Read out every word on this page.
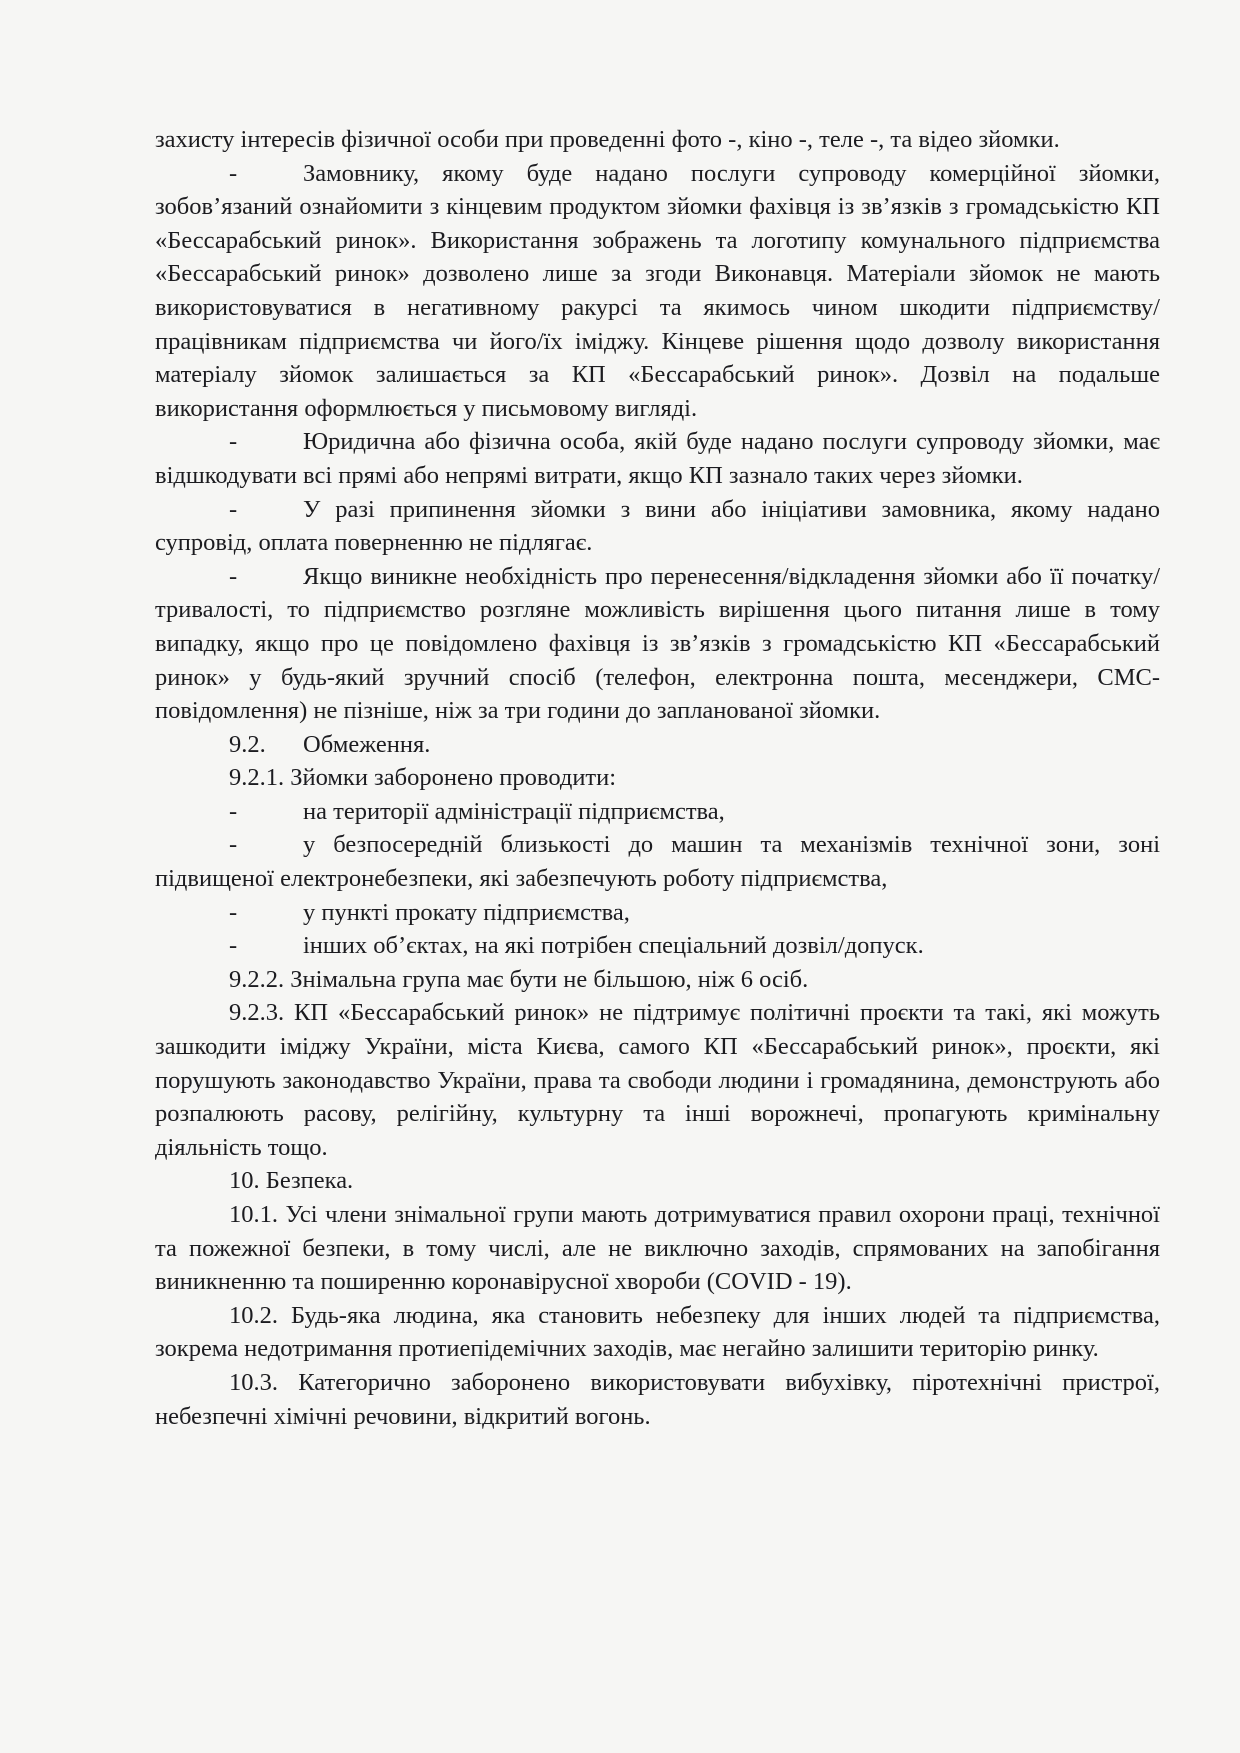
захисту інтересів фізичної особи при проведенні фото -, кіно -, теле -, та відео зйомки.

-	Замовнику, якому буде надано послуги супроводу комерційної зйомки, зобов’язаний ознайомити з кінцевим продуктом зйомки фахівця із зв’язків з громадськістю КП «Бессарабський ринок». Використання зображень та логотипу комунального підприємства «Бессарабський ринок» дозволено лише за згоди Виконавця. Матеріали зйомок не мають використовуватися в негативному ракурсі та якимось чином шкодити підприємству/працівникам підприємства чи його/їх іміджу. Кінцеве рішення щодо дозволу використання матеріалу зйомок залишається за КП «Бессарабський ринок». Дозвіл на подальше використання оформлюється у письмовому вигляді.

-	Юридична або фізична особа, якій буде надано послуги супроводу зйомки, має відшкодувати всі прямі або непрямі витрати, якщо КП зазнало таких через зйомки.

-	У разі припинення зйомки з вини або ініціативи замовника, якому надано супровід, оплата поверненню не підлягає.

-	Якщо виникне необхідність про перенесення/відкладення зйомки або її початку/тривалості, то підприємство розгляне можливість вирішення цього питання лише в тому випадку, якщо про це повідомлено фахівця із зв’язків з громадськістю КП «Бессарабський ринок» у будь-який зручний спосіб (телефон, електронна пошта, месенджери, СМС- повідомлення) не пізніше, ніж за три години до запланованої зйомки.

9.2. Обмеження.

9.2.1. Зйомки заборонено проводити:

-	на території адміністрації підприємства,

-	у безпосередній близькості до машин та механізмів технічної зони, зоні підвищеної електронебезпеки, які забезпечують роботу підприємства,

-	у пункті прокату підприємства,

-	інших об’єктах, на які потрібен спеціальний дозвіл/допуск.

9.2.2. Знімальна група має бути не більшою, ніж 6 осіб.

9.2.3. КП «Бессарабський ринок» не підтримує політичні проєкти та такі, які можуть зашкодити іміджу України, міста Києва, самого КП «Бессарабський ринок», проєкти, які порушують законодавство України, права та свободи людини і громадянина, демонструють або розпалюють расову, релігійну, культурну та інші ворожнечі, пропагують кримінальну діяльність тощо.

10. Безпека.

10.1. Усі члени знімальної групи мають дотримуватися правил охорони праці, технічної та пожежної безпеки, в тому числі, але не виключно заходів, спрямованих на запобігання виникненню та поширенню коронавірусної хвороби (COVID - 19).

10.2. Будь-яка людина, яка становить небезпеку для інших людей та підприємства, зокрема недотримання протиепідемічних заходів, має негайно залишити територію ринку.

10.3. Категорично заборонено використовувати вибухівку, піротехнічні пристрої, небезпечні хімічні речовини, відкритий вогонь.
